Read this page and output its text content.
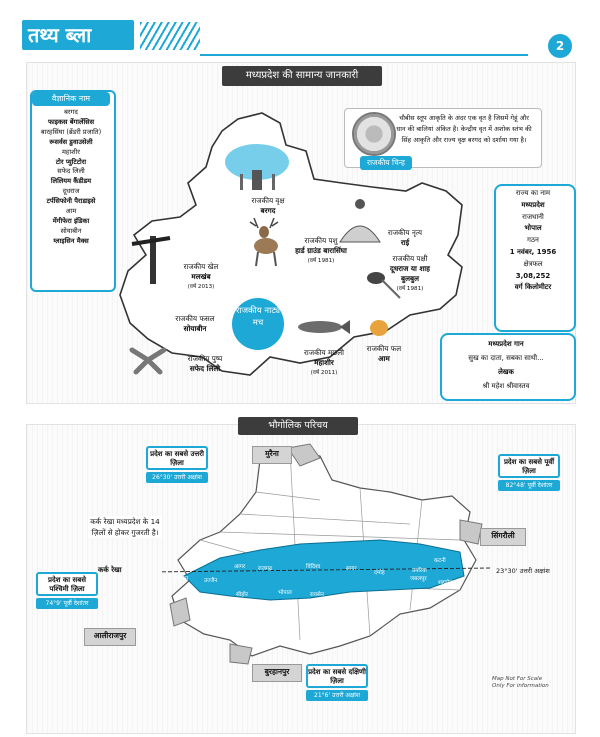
तथ्य ब्ला	2
मध्यप्रदेश की सामान्य जानकारी
वैज्ञानिक नाम
बरगद
फाइकस बेंगालेंसिस
बारहसिंघा (ब्रेंडरी प्रजाति)
रूसर्वस डुवाउसेली
महाशीर
टोर प्युटिटोरा
सफेद लिली
लिलियम कैंडीडम
दूधराज
टर्पसिफोनी पैराडाइसे
आम
मेंगीफेरा इंडिका
सोयाबीन
ग्लाइसिन मैक्स
चौबीस स्तूप आकृति के अंदर एक वृत है जिसमें गेहूं और धान की बालियां अंकित है। केन्द्रीय वृत में अशोक स्तंभ की सिंह आकृति और राज्य वृक्ष बरगद को दर्शाया गया है।
राजकीय चिन्ह
राज्य का नाम
मध्यप्रदेश
राजधानी
भोपाल
गठन
1 नवंबर, 1956
क्षेत्रफल
3,08,252
वर्ग किलोमीटर
मध्यप्रदेश गान
सुख का दाता, सबका साथी...
लेखक
श्री महेश श्रीवास्तव
राजकीय वृक्ष
बरगद
राजकीय पशु
हार्ड ग्राउंड बारासिंघा
(वर्ष 1981)
राजकीय नृत्य
राई
राजकीय पक्षी
दूधराज या शाह बुलबुल
(वर्ष 1981)
राजकीय खेल
मलखंब
(वर्ष 2013)
राजकीय फसल
सोयाबीन
राजकीय पुष्प
सफेद लिली
राजकीय नाट्य
मच
राजकीय मछली
महाशीर
(वर्ष 2011)
राजकीय फल
आम
भौगोलिक परिचय
रतलाम	उज्जैन
आगर राजगढ़
सीहोर	भोपाल
विदिशा
रायसेन
सागर
दमोह
जबलपुर
कटनी
उमरिया
शहडोल
प्रदेश का सबसे उत्तरी ज़िला
26°30' उत्तरी अक्षांश
मुरैना
प्रदेश का सबसे पूर्वी ज़िला
82°48' पूर्वी देशांतर
सिंगरौली
प्रदेश का सबसे पश्चिमी ज़िला
74°9' पूर्वी देशांतर
आलीराजपुर
बुरहानपुर	प्रदेश का सबसे दक्षिणी ज़िला
21°6' उत्तरी अक्षांश
कर्क रेखा मध्यप्रदेश के 14 ज़िलों से होकर गुजरती है।
कर्क रेखा	23°30' उत्तरी अक्षांश
Map Not For Scale Only For information
